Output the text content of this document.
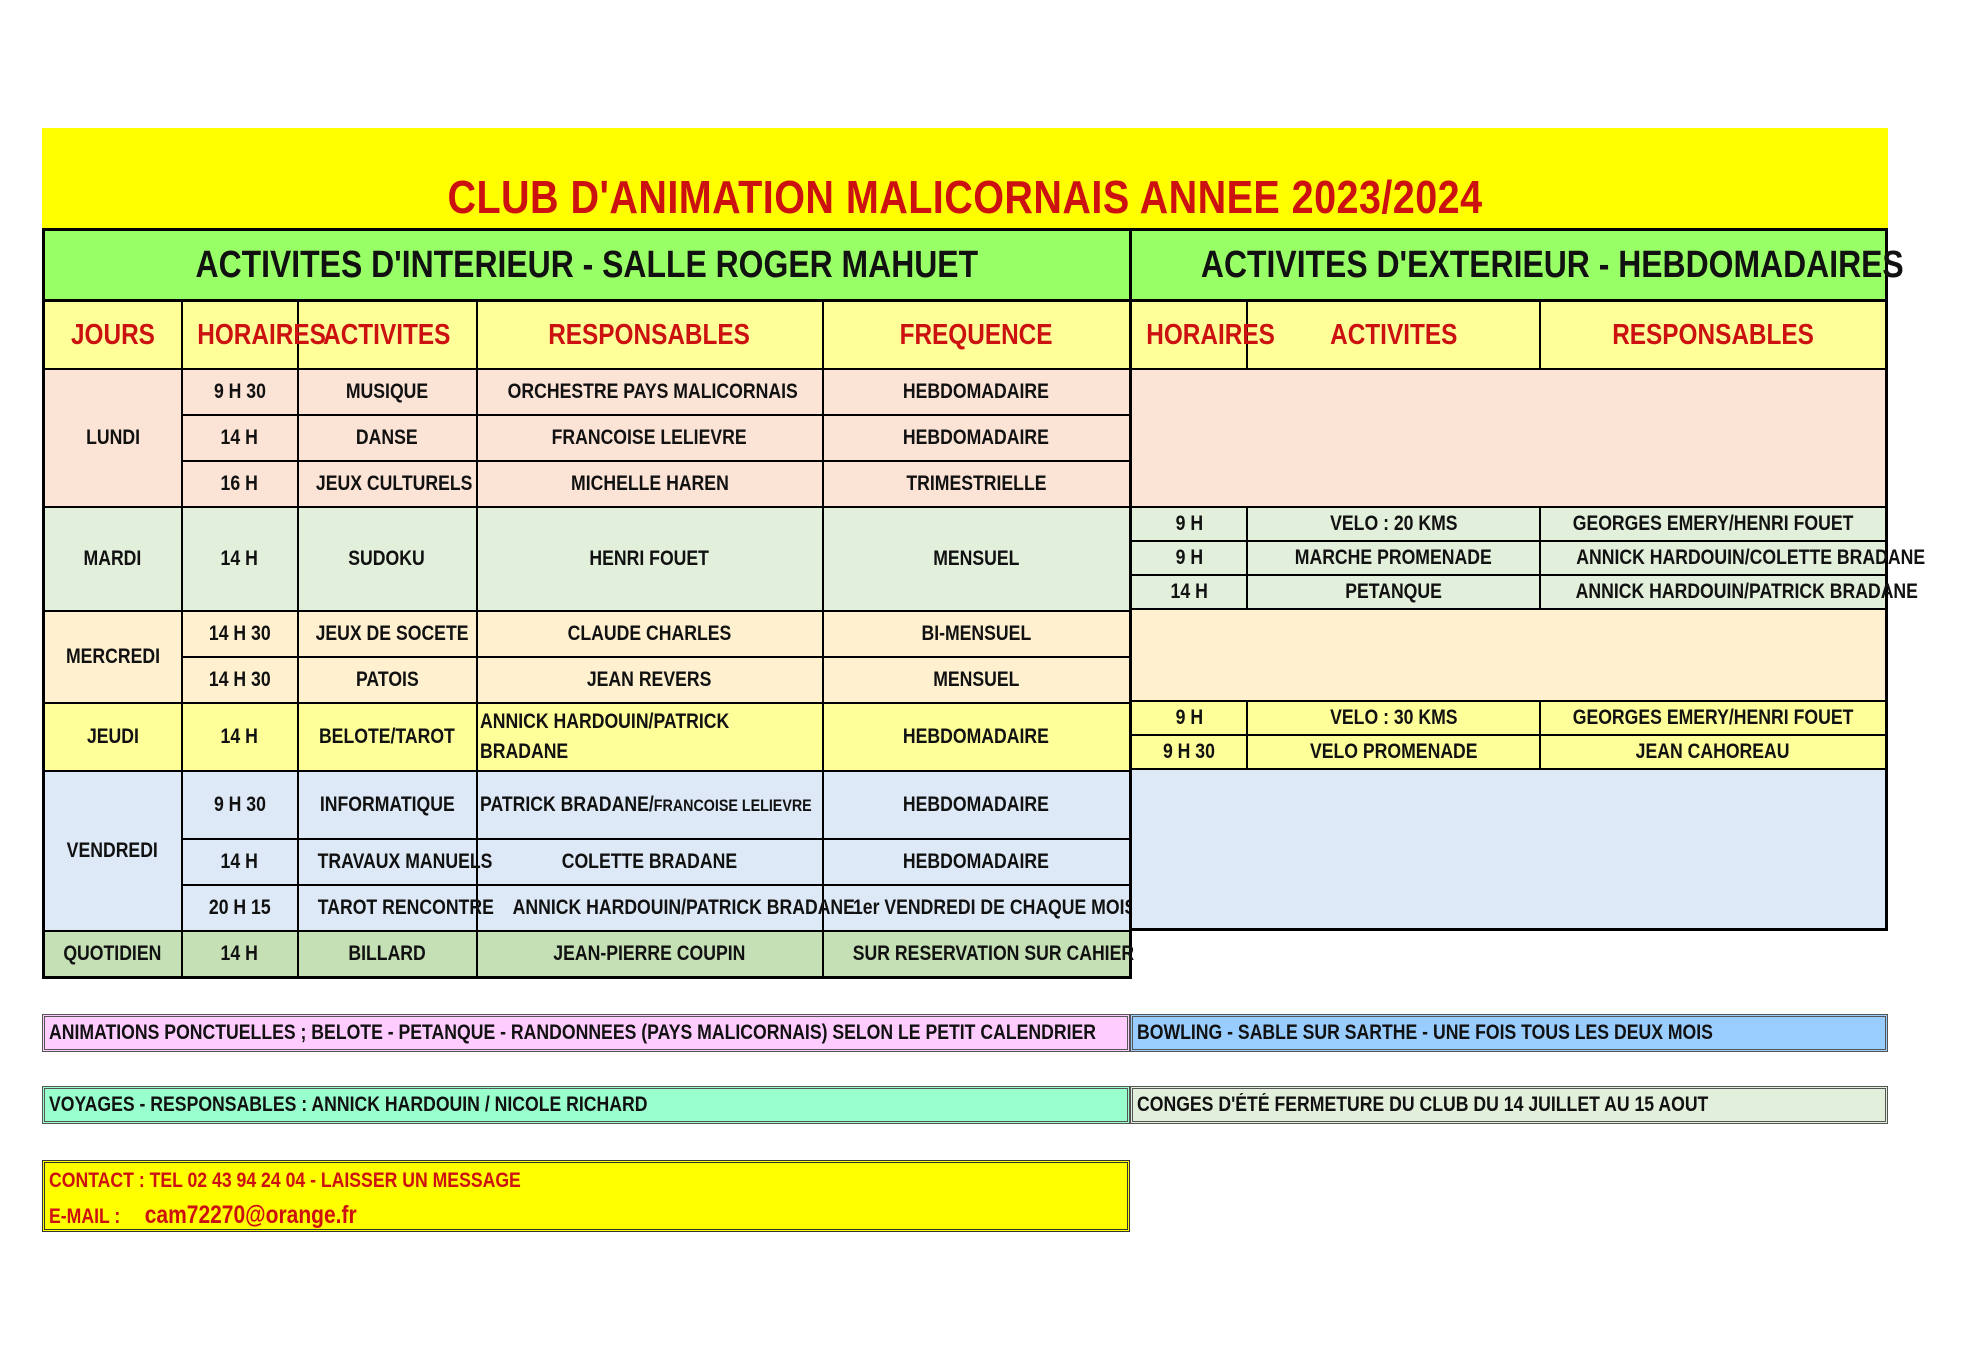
CLUB D'ANIMATION MALICORNAIS ANNEE 2023/2024
ACTIVITES D'INTERIEUR - SALLE ROGER MAHUET				
JOURS	HORAIRES	ACTIVITES	RESPONSABLES	FREQUENCE
LUNDI	9 H 30	MUSIQUE	ORCHESTRE PAYS MALICORNAIS	HEBDOMADAIRE
	14 H	DANSE	FRANCOISE LELIEVRE	HEBDOMADAIRE
	16 H	JEUX CULTURELS	MICHELLE HAREN	TRIMESTRIELLE
MARDI	14 H	SUDOKU	HENRI FOUET	MENSUEL
MERCREDI	14 H 30	JEUX DE SOCETE	CLAUDE CHARLES	BI-MENSUEL
	14 H 30	PATOIS	JEAN REVERS	MENSUEL
JEUDI	14 H	BELOTE/TAROT	ANNICK HARDOUIN/PATRICK
BRADANE	HEBDOMADAIRE
VENDREDI	9 H 30	INFORMATIQUE	PATRICK BRADANE/FRANCOISE LELIEVRE	HEBDOMADAIRE
	14 H	TRAVAUX MANUELS	COLETTE BRADANE	HEBDOMADAIRE
	20 H 15	TAROT RENCONTRE	ANNICK HARDOUIN/PATRICK BRADANE	1er VENDREDI DE CHAQUE MOIS
QUOTIDIEN	14 H	BILLARD	JEAN-PIERRE COUPIN	SUR RESERVATION SUR CAHIER
ACTIVITES D'EXTERIEUR - HEBDOMADAIRES		
HORAIRES	ACTIVITES	RESPONSABLES

9 H	VELO : 20 KMS	GEORGES EMERY/HENRI FOUET
9 H	MARCHE PROMENADE	ANNICK HARDOUIN/COLETTE BRADANE
14 H	PETANQUE	ANNICK HARDOUIN/PATRICK BRADANE

9 H	VELO : 30 KMS	GEORGES EMERY/HENRI FOUET
9 H 30	VELO PROMENADE	JEAN CAHOREAU

ANIMATIONS PONCTUELLES ; BELOTE - PETANQUE - RANDONNEES (PAYS MALICORNAIS) SELON LE PETIT CALENDRIER	BOWLING - SABLE SUR SARTHE - UNE FOIS TOUS LES DEUX MOIS
VOYAGES - RESPONSABLES : ANNICK HARDOUIN / NICOLE RICHARD	CONGES D'ÉTÉ FERMETURE DU CLUB DU 14 JUILLET AU 15 AOUT
CONTACT : TEL 02 43 94 24 04 - LAISSER UN MESSAGE
E-MAIL : cam72270@orange.fr
